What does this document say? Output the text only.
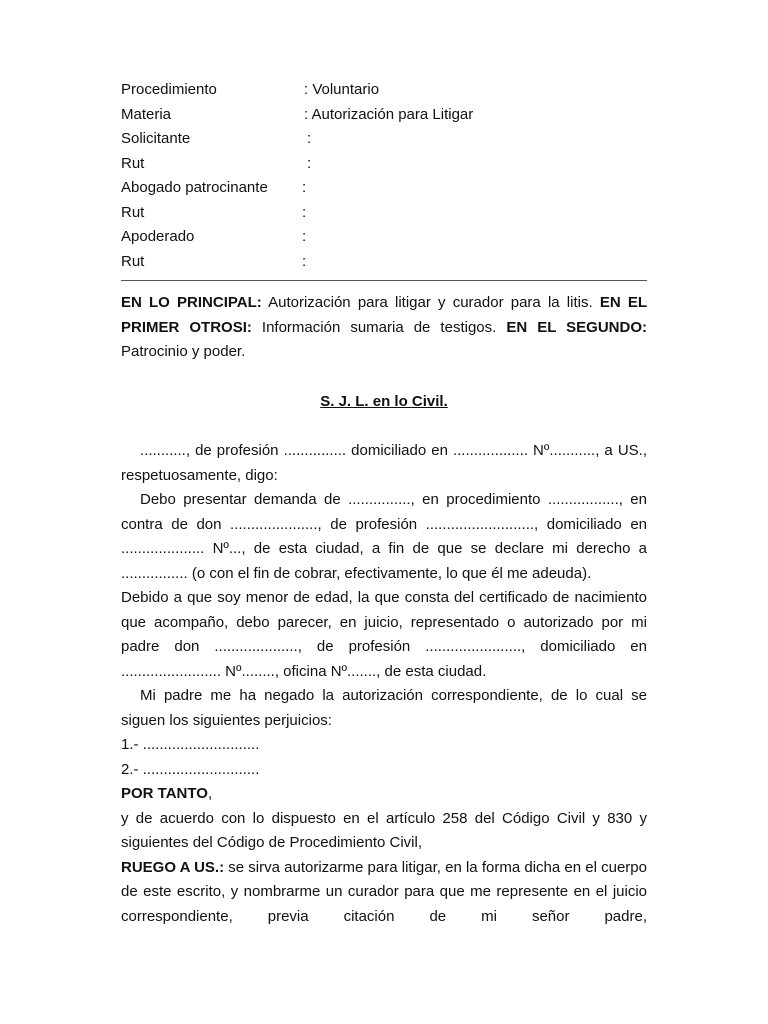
Procedimiento	: Voluntario
Materia	: Autorización para Litigar
Solicitante	:
Rut	:
Abogado patrocinante :
Rut	:
Apoderado	:
Rut	:
EN LO PRINCIPAL: Autorización para litigar y curador para la litis. EN EL PRIMER OTROSI: Información sumaria de testigos. EN EL SEGUNDO: Patrocinio y poder.
S. J. L. en lo Civil.

..........., de profesión ............... domiciliado en .................. Nº..........., a US., respetuosamente, digo:

Debo presentar demanda de ..............., en procedimiento ................., en contra de don ....................., de profesión .........................., domiciliado en .................... Nº..., de esta ciudad, a fin de que se declare mi derecho a ................ (o con el fin de cobrar, efectivamente, lo que él me adeuda).

Debido a que soy menor de edad, la que consta del certificado de nacimiento que acompaño, debo parecer, en juicio, representado o autorizado por mi padre don ...................., de profesión ......................., domiciliado en ........................ Nº........, oficina Nº......., de esta ciudad.

Mi padre me ha negado la autorización correspondiente, de lo cual se siguen los siguientes perjuicios:

1.- ............................

2.- ............................

POR TANTO,

y de acuerdo con lo dispuesto en el artículo 258 del Código Civil y 830 y siguientes del Código de Procedimiento Civil,

RUEGO A US.: se sirva autorizarme para litigar, en la forma dicha en el cuerpo de este escrito, y nombrarme un curador para que me represente en el juicio correspondiente, previa citación de mi señor padre,
